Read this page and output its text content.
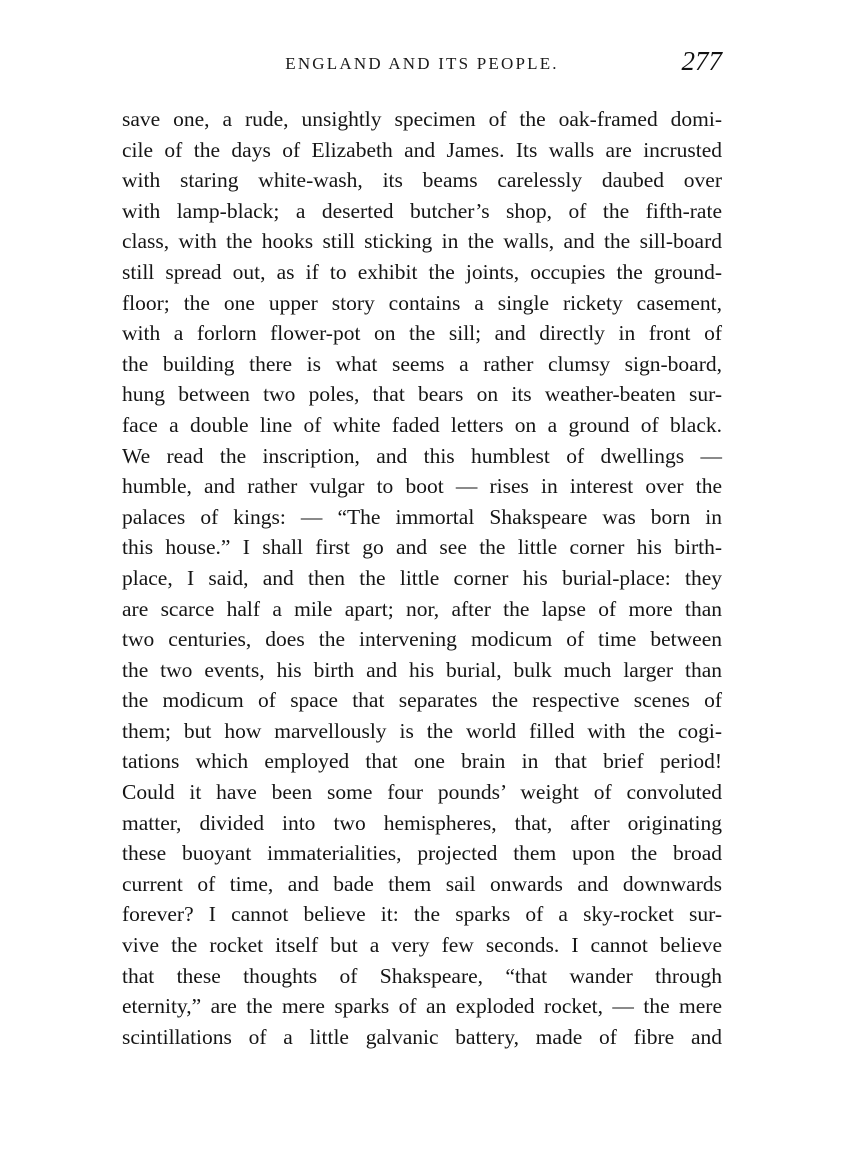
ENGLAND AND ITS PEOPLE.	277
save one, a rude, unsightly specimen of the oak-framed domi-
cile of the days of Elizabeth and James. Its walls are incrusted
with staring white-wash, its beams carelessly daubed over
with lamp-black; a deserted butcher’s shop, of the fifth-rate
class, with the hooks still sticking in the walls, and the sill-board
still spread out, as if to exhibit the joints, occupies the ground-
floor; the one upper story contains a single rickety casement,
with a forlorn flower-pot on the sill; and directly in front of
the building there is what seems a rather clumsy sign-board,
hung between two poles, that bears on its weather-beaten sur-
face a double line of white faded letters on a ground of black.
We read the inscription, and this humblest of dwellings —
humble, and rather vulgar to boot — rises in interest over the
palaces of kings: — “The immortal Shakspeare was born in
this house.” I shall first go and see the little corner his birth-
place, I said, and then the little corner his burial-place: they
are scarce half a mile apart; nor, after the lapse of more than
two centuries, does the intervening modicum of time between
the two events, his birth and his burial, bulk much larger than
the modicum of space that separates the respective scenes of
them; but how marvellously is the world filled with the cogi-
tations which employed that one brain in that brief period!
Could it have been some four pounds’ weight of convoluted
matter, divided into two hemispheres, that, after originating
these buoyant immaterialities, projected them upon the broad
current of time, and bade them sail onwards and downwards
forever? I cannot believe it: the sparks of a sky-rocket sur-
vive the rocket itself but a very few seconds. I cannot believe
that these thoughts of Shakspeare, “that wander through
eternity,” are the mere sparks of an exploded rocket, — the mere
scintillations of a little galvanic battery, made of fibre and
